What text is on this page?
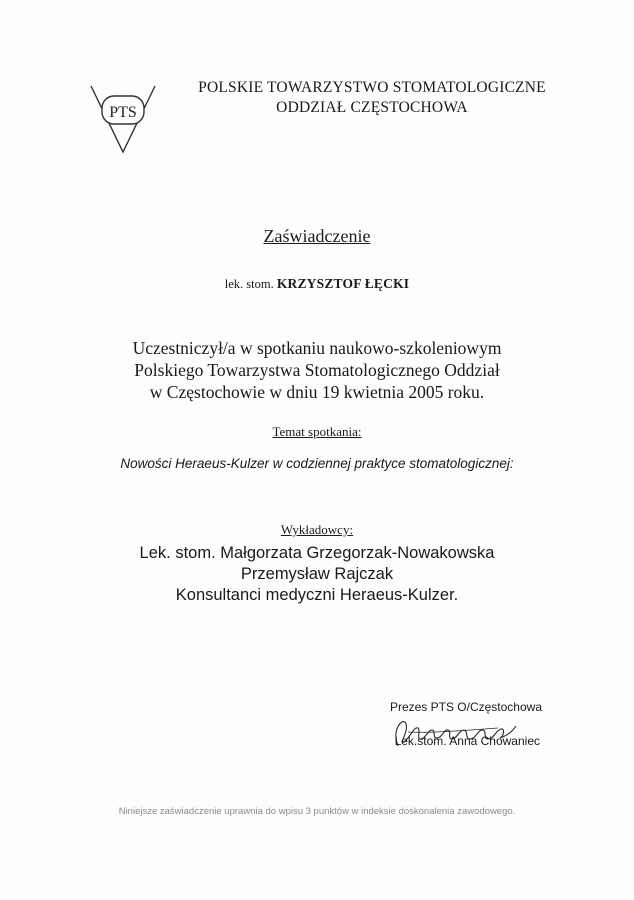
PTS
POLSKIE TOWARZYSTWO STOMATOLOGICZNE
ODDZIAŁ CZĘSTOCHOWA
Zaświadczenie
lek. stom. KRZYSZTOF ŁĘCKI
Uczestniczył/a w spotkaniu naukowo-szkoleniowym
Polskiego Towarzystwa Stomatologicznego Oddział
w Częstochowie w dniu 19 kwietnia 2005 roku.
Temat spotkania:
Nowości Heraeus-Kulzer w codziennej praktyce stomatologicznej:
Wykładowcy:
Lek. stom. Małgorzata Grzegorzak-Nowakowska
Przemysław Rajczak
Konsultanci medyczni Heraeus-Kulzer.
Prezes PTS O/Częstochowa
Lek.stom. Anna Chowaniec
Niniejsze zaświadczenie uprawnia do wpisu 3 punktów w indeksie doskonalenia zawodowego.
